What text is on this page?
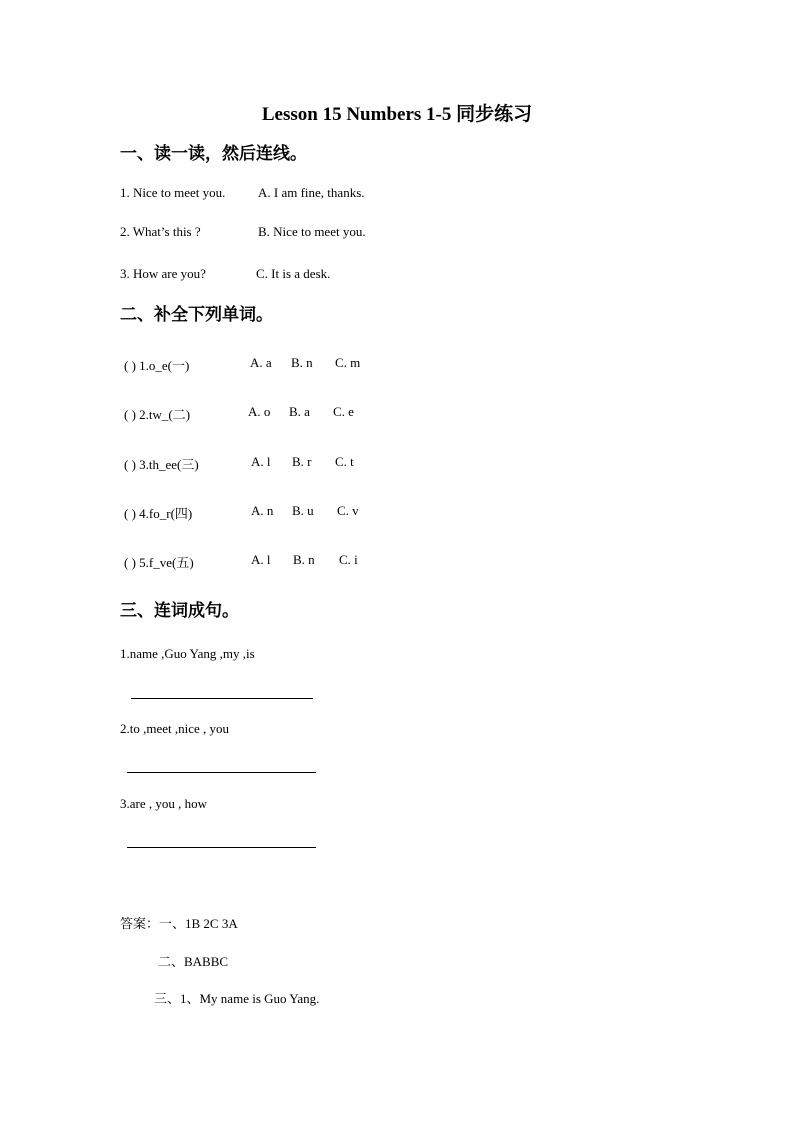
Lesson 15 Numbers 1-5 同步练习
一、读一读，然后连线。
1. Nice to meet you.	A. I am fine, thanks.
2. What’s this ?	B. Nice to meet you.
3. How are you?	C. It is a desk.
二、补全下列单词。
( ) 1.o_e(一)	A. a B. n C. m
( ) 2.tw_(二)	A. o B. a C. e
( ) 3.th_ee(三)	A. l B. r C. t
( ) 4.fo_r(四)	A. n B. u C. v
( ) 5.f_ve(五)	A. l B. n C. i
三、连词成句。
1.name ,Guo Yang ,my ,is
2.to ,meet ,nice , you
3.are , you , how
答案：一、1B 2C 3A
二、BABBC
三、1、My name is Guo Yang.
